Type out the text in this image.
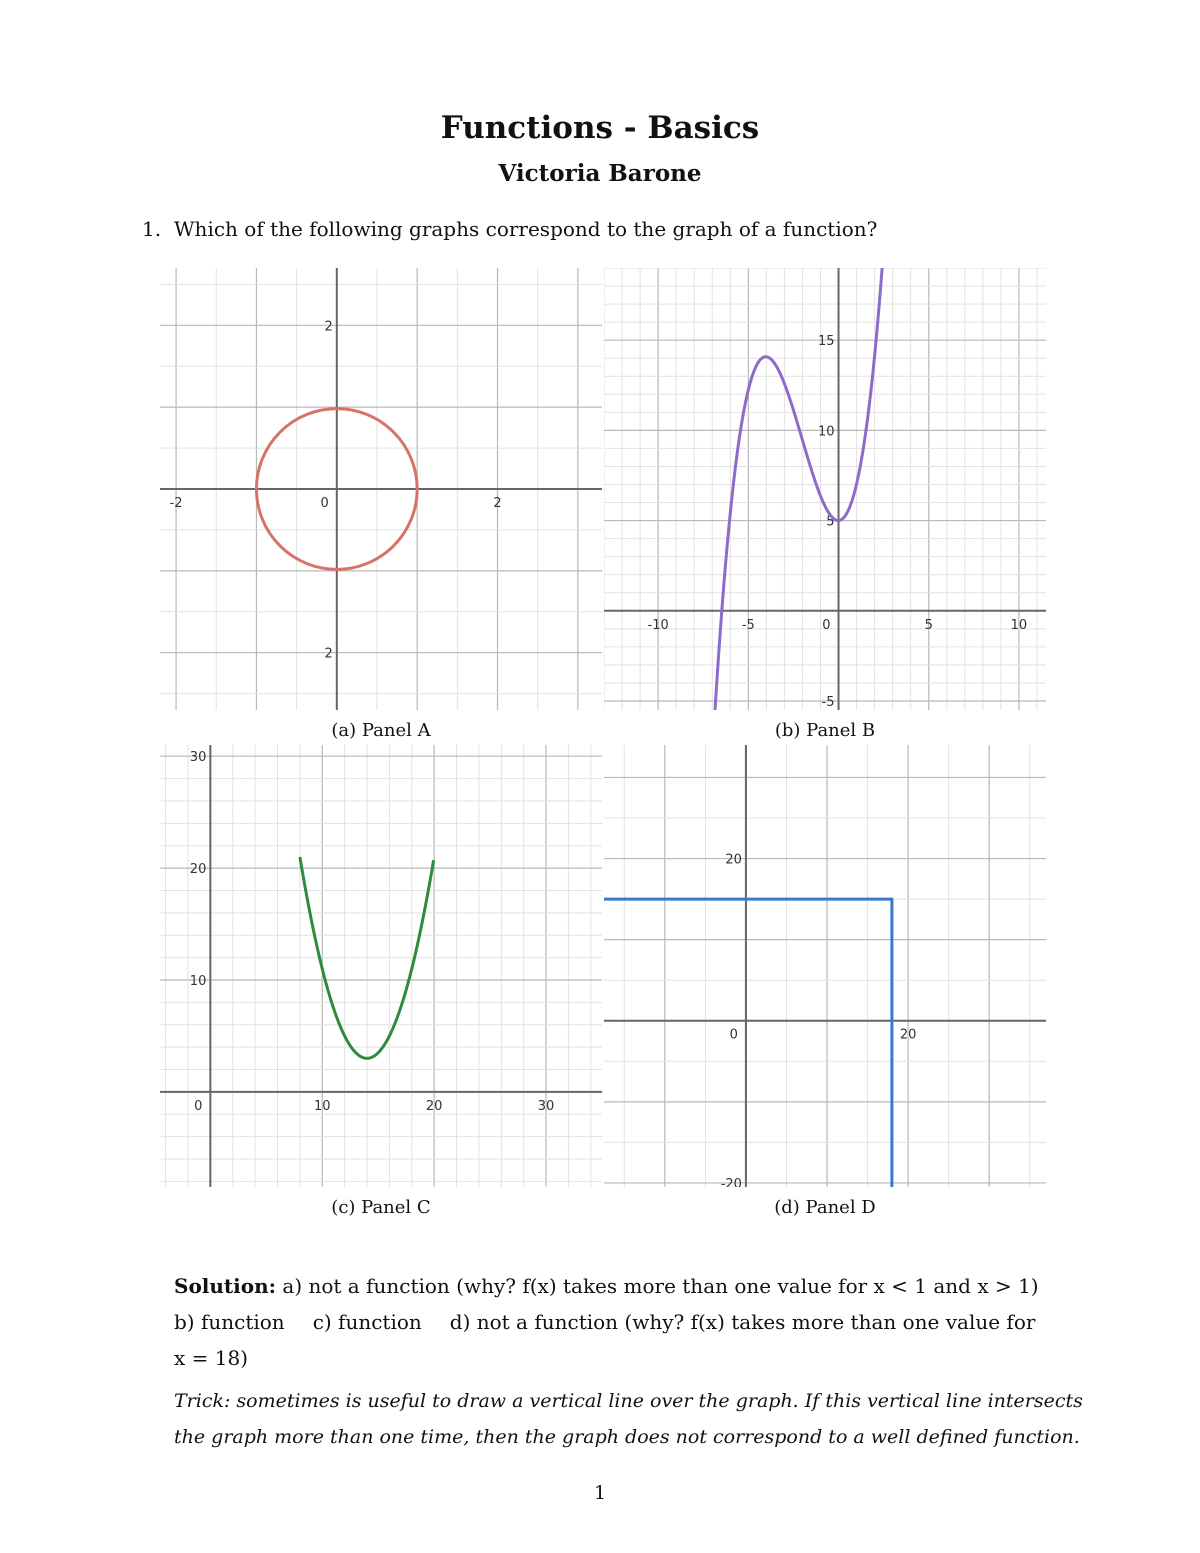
Functions - Basics
Victoria Barone
1. Which of the following graphs correspond to the graph of a function?
-2	0	2
2
2
-10	-5	0	5	10
15
10
5
-5
0	10	20	30
30
20
10
0	20
20
-20
(a) Panel A	(b) Panel B
(c) Panel C	(d) Panel D
Solution: a) not a function (why? f(x) takes more than one value for x < 1 and x > 1)
b) function c) function d) not a function (why? f(x) takes more than one value for
x = 18)
Trick: sometimes is useful to draw a vertical line over the graph. If this vertical line intersects the graph more than one time, then the graph does not correspond to a well defined function.
1
